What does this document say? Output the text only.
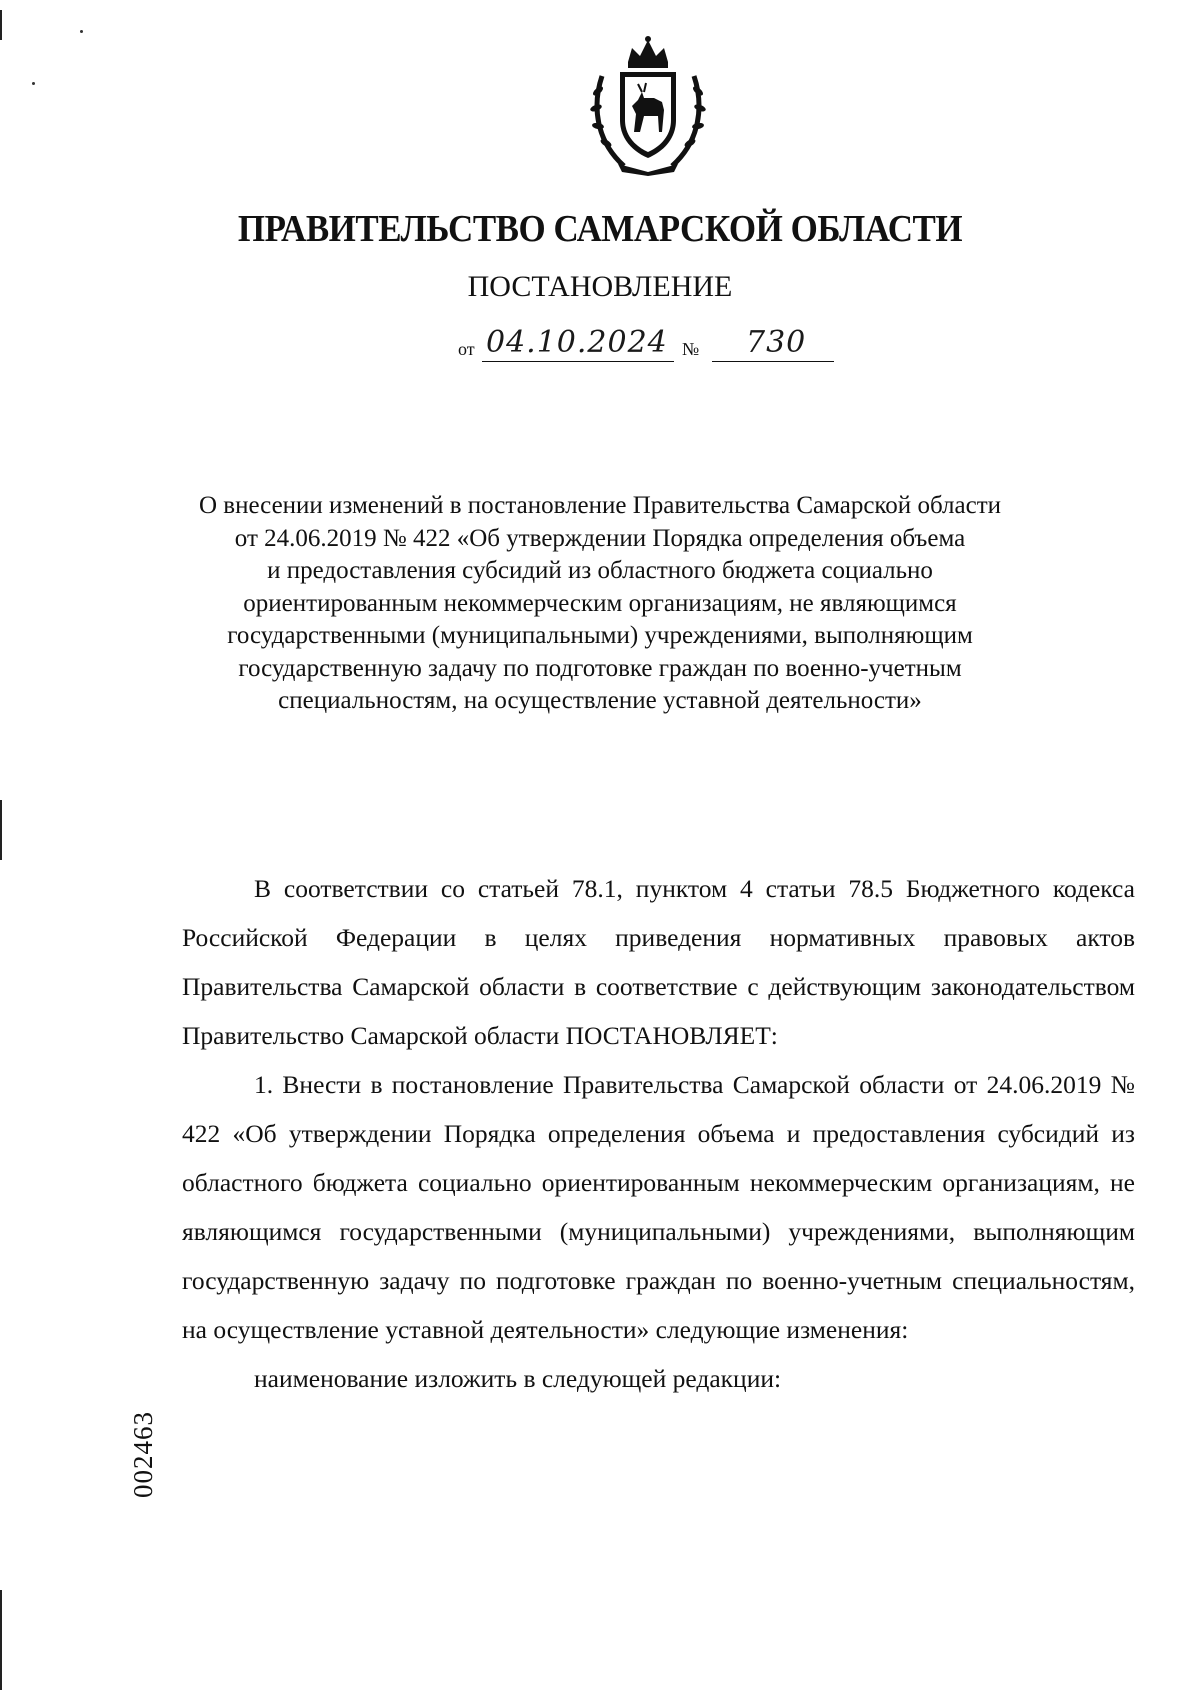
ПРАВИТЕЛЬСТВО САМАРСКОЙ ОБЛАСТИ
ПОСТАНОВЛЕНИЕ
от 04.10.2024 № 730
О внесении изменений в постановление Правительства Самарской области
от 24.06.2019 № 422 «Об утверждении Порядка определения объема
и предоставления субсидий из областного бюджета социально
ориентированным некоммерческим организациям, не являющимся
государственными (муниципальными) учреждениями, выполняющим
государственную задачу по подготовке граждан по военно-учетным
специальностям, на осуществление уставной деятельности»

В соответствии со статьей 78.1, пунктом 4 статьи 78.5 Бюджетного кодекса Российской Федерации в целях приведения нормативных правовых актов Правительства Самарской области в соответствие с действующим законодательством Правительство Самарской области ПОСТАНОВЛЯЕТ:

1. Внести в постановление Правительства Самарской области от 24.06.2019 № 422 «Об утверждении Порядка определения объема и предоставления субсидий из областного бюджета социально ориентированным некоммерческим организациям, не являющимся государственными (муниципальными) учреждениями, выполняющим государственную задачу по подготовке граждан по военно-учетным специальностям, на осуществление уставной деятельности» следующие изменения:

наименование изложить в следующей редакции:

002463
